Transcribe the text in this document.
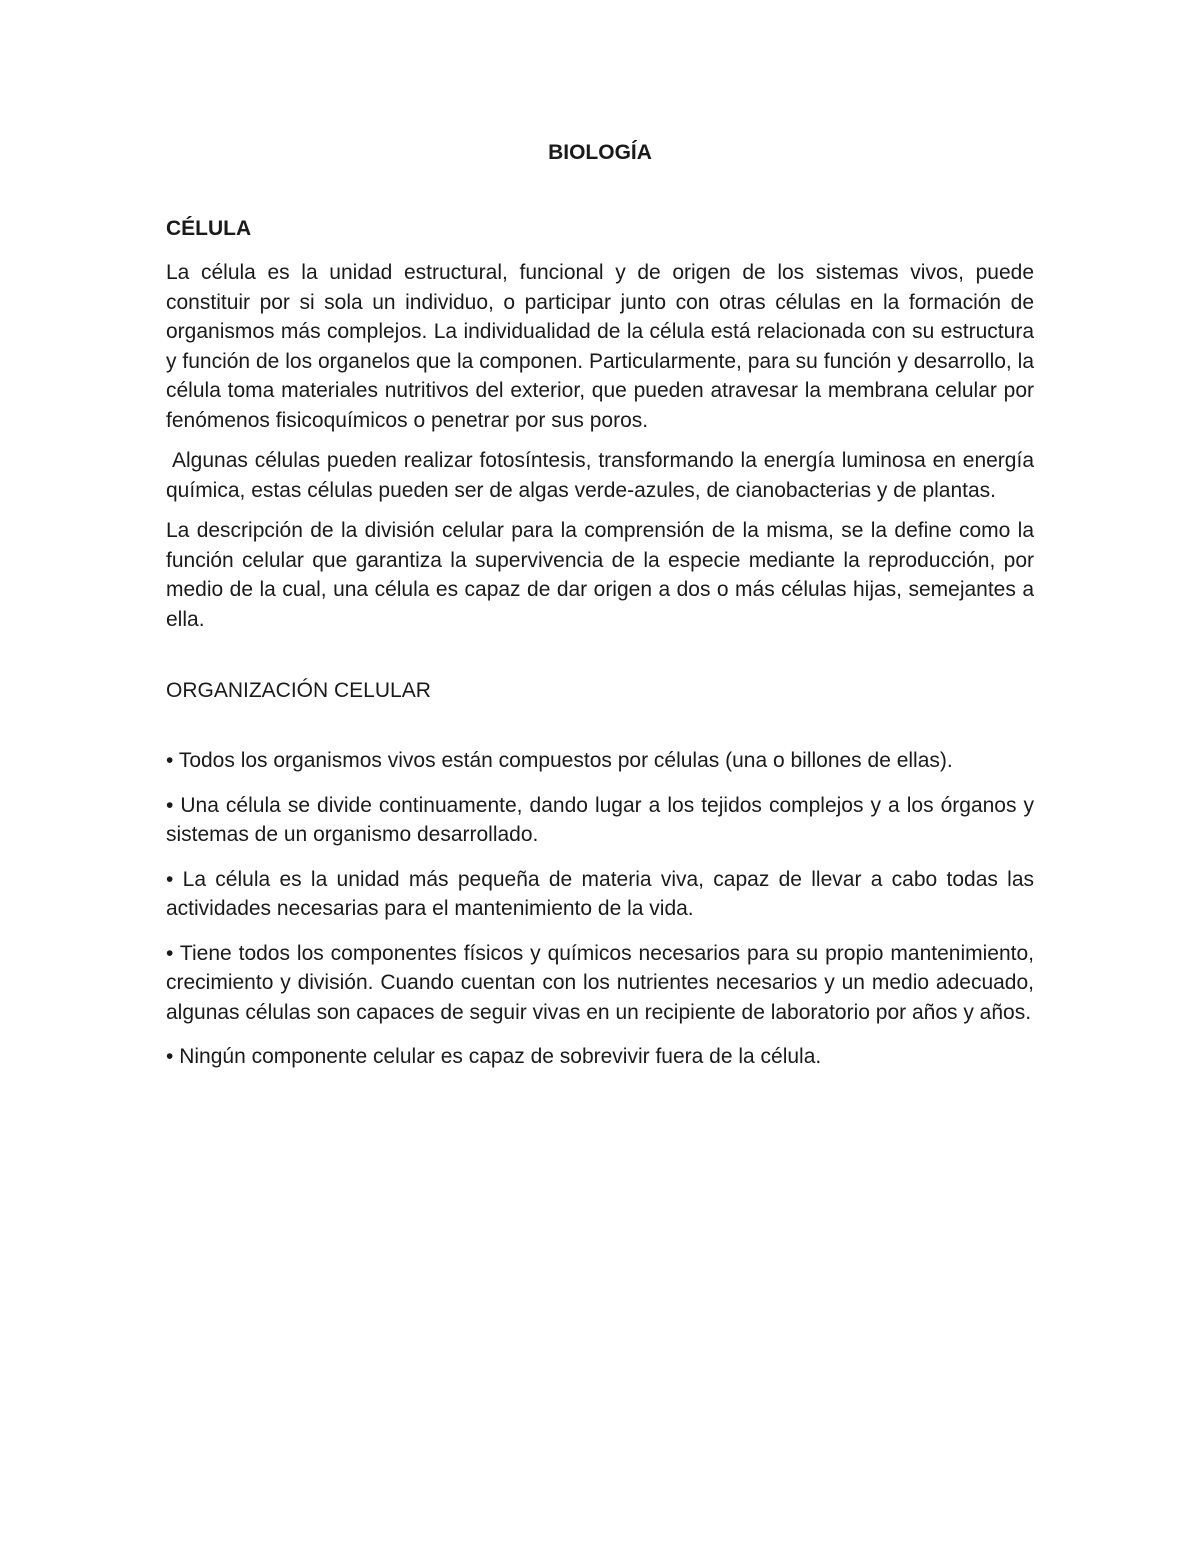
BIOLOGÍA
CÉLULA

La célula es la unidad estructural, funcional y de origen de los sistemas vivos, puede constituir por si sola un individuo, o participar junto con otras células en la formación de organismos más complejos. La individualidad de la célula está relacionada con su estructura y función de los organelos que la componen. Particularmente, para su función y desarrollo, la célula toma materiales nutritivos del exterior, que pueden atravesar la membrana celular por fenómenos fisicoquímicos o penetrar por sus poros.

Algunas células pueden realizar fotosíntesis, transformando la energía luminosa en energía química, estas células pueden ser de algas verde-azules, de cianobacterias y de plantas.

La descripción de la división celular para la comprensión de la misma, se la define como la función celular que garantiza la supervivencia de la especie mediante la reproducción, por medio de la cual, una célula es capaz de dar origen a dos o más células hijas, semejantes a ella.

ORGANIZACIÓN CELULAR

• Todos los organismos vivos están compuestos por células (una o billones de ellas).

• Una célula se divide continuamente, dando lugar a los tejidos complejos y a los órganos y sistemas de un organismo desarrollado.

• La célula es la unidad más pequeña de materia viva, capaz de llevar a cabo todas las actividades necesarias para el mantenimiento de la vida.

• Tiene todos los componentes físicos y químicos necesarios para su propio mantenimiento, crecimiento y división. Cuando cuentan con los nutrientes necesarios y un medio adecuado, algunas células son capaces de seguir vivas en un recipiente de laboratorio por años y años.

• Ningún componente celular es capaz de sobrevivir fuera de la célula.
